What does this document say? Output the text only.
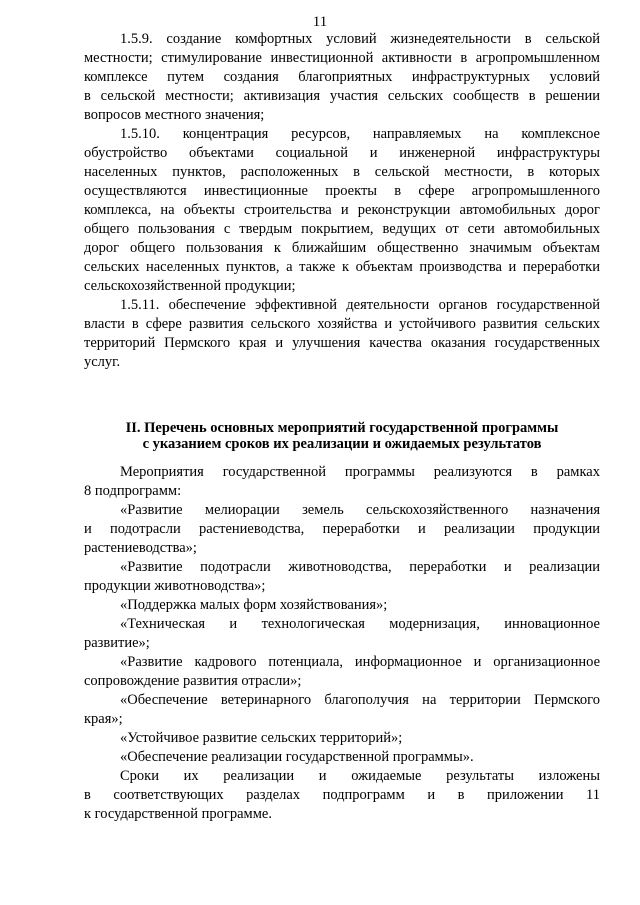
11
1.5.9. создание комфортных условий жизнедеятельности в сельской
местности; стимулирование инвестиционной активности в агропромышленном
комплексе путем создания благоприятных инфраструктурных условий
в сельской местности; активизация участия сельских сообществ в решении
вопросов местного значения;
1.5.10. концентрация ресурсов, направляемых на комплексное
обустройство объектами социальной и инженерной инфраструктуры
населенных пунктов, расположенных в сельской местности, в которых
осуществляются инвестиционные проекты в сфере агропромышленного
комплекса, на объекты строительства и реконструкции автомобильных дорог
общего пользования с твердым покрытием, ведущих от сети автомобильных
дорог общего пользования к ближайшим общественно значимым объектам
сельских населенных пунктов, а также к объектам производства и переработки
сельскохозяйственной продукции;
1.5.11. обеспечение эффективной деятельности органов государственной
власти в сфере развития сельского хозяйства и устойчивого развития сельских
территорий Пермского края и улучшения качества оказания государственных
услуг.
II. Перечень основных мероприятий государственной программы
с указанием сроков их реализации и ожидаемых результатов
Мероприятия государственной программы реализуются в рамках
8 подпрограмм:
«Развитие мелиорации земель сельскохозяйственного назначения
и подотрасли растениеводства, переработки и реализации продукции
растениеводства»;
«Развитие подотрасли животноводства, переработки и реализации
продукции животноводства»;
«Поддержка малых форм хозяйствования»;
«Техническая и технологическая модернизация, инновационное
развитие»;
«Развитие кадрового потенциала, информационное и организационное
сопровождение развития отрасли»;
«Обеспечение ветеринарного благополучия на территории Пермского
края»;
«Устойчивое развитие сельских территорий»;
«Обеспечение реализации государственной программы».
Сроки их реализации и ожидаемые результаты изложены
в соответствующих разделах подпрограмм и в приложении 11
к государственной программе.
